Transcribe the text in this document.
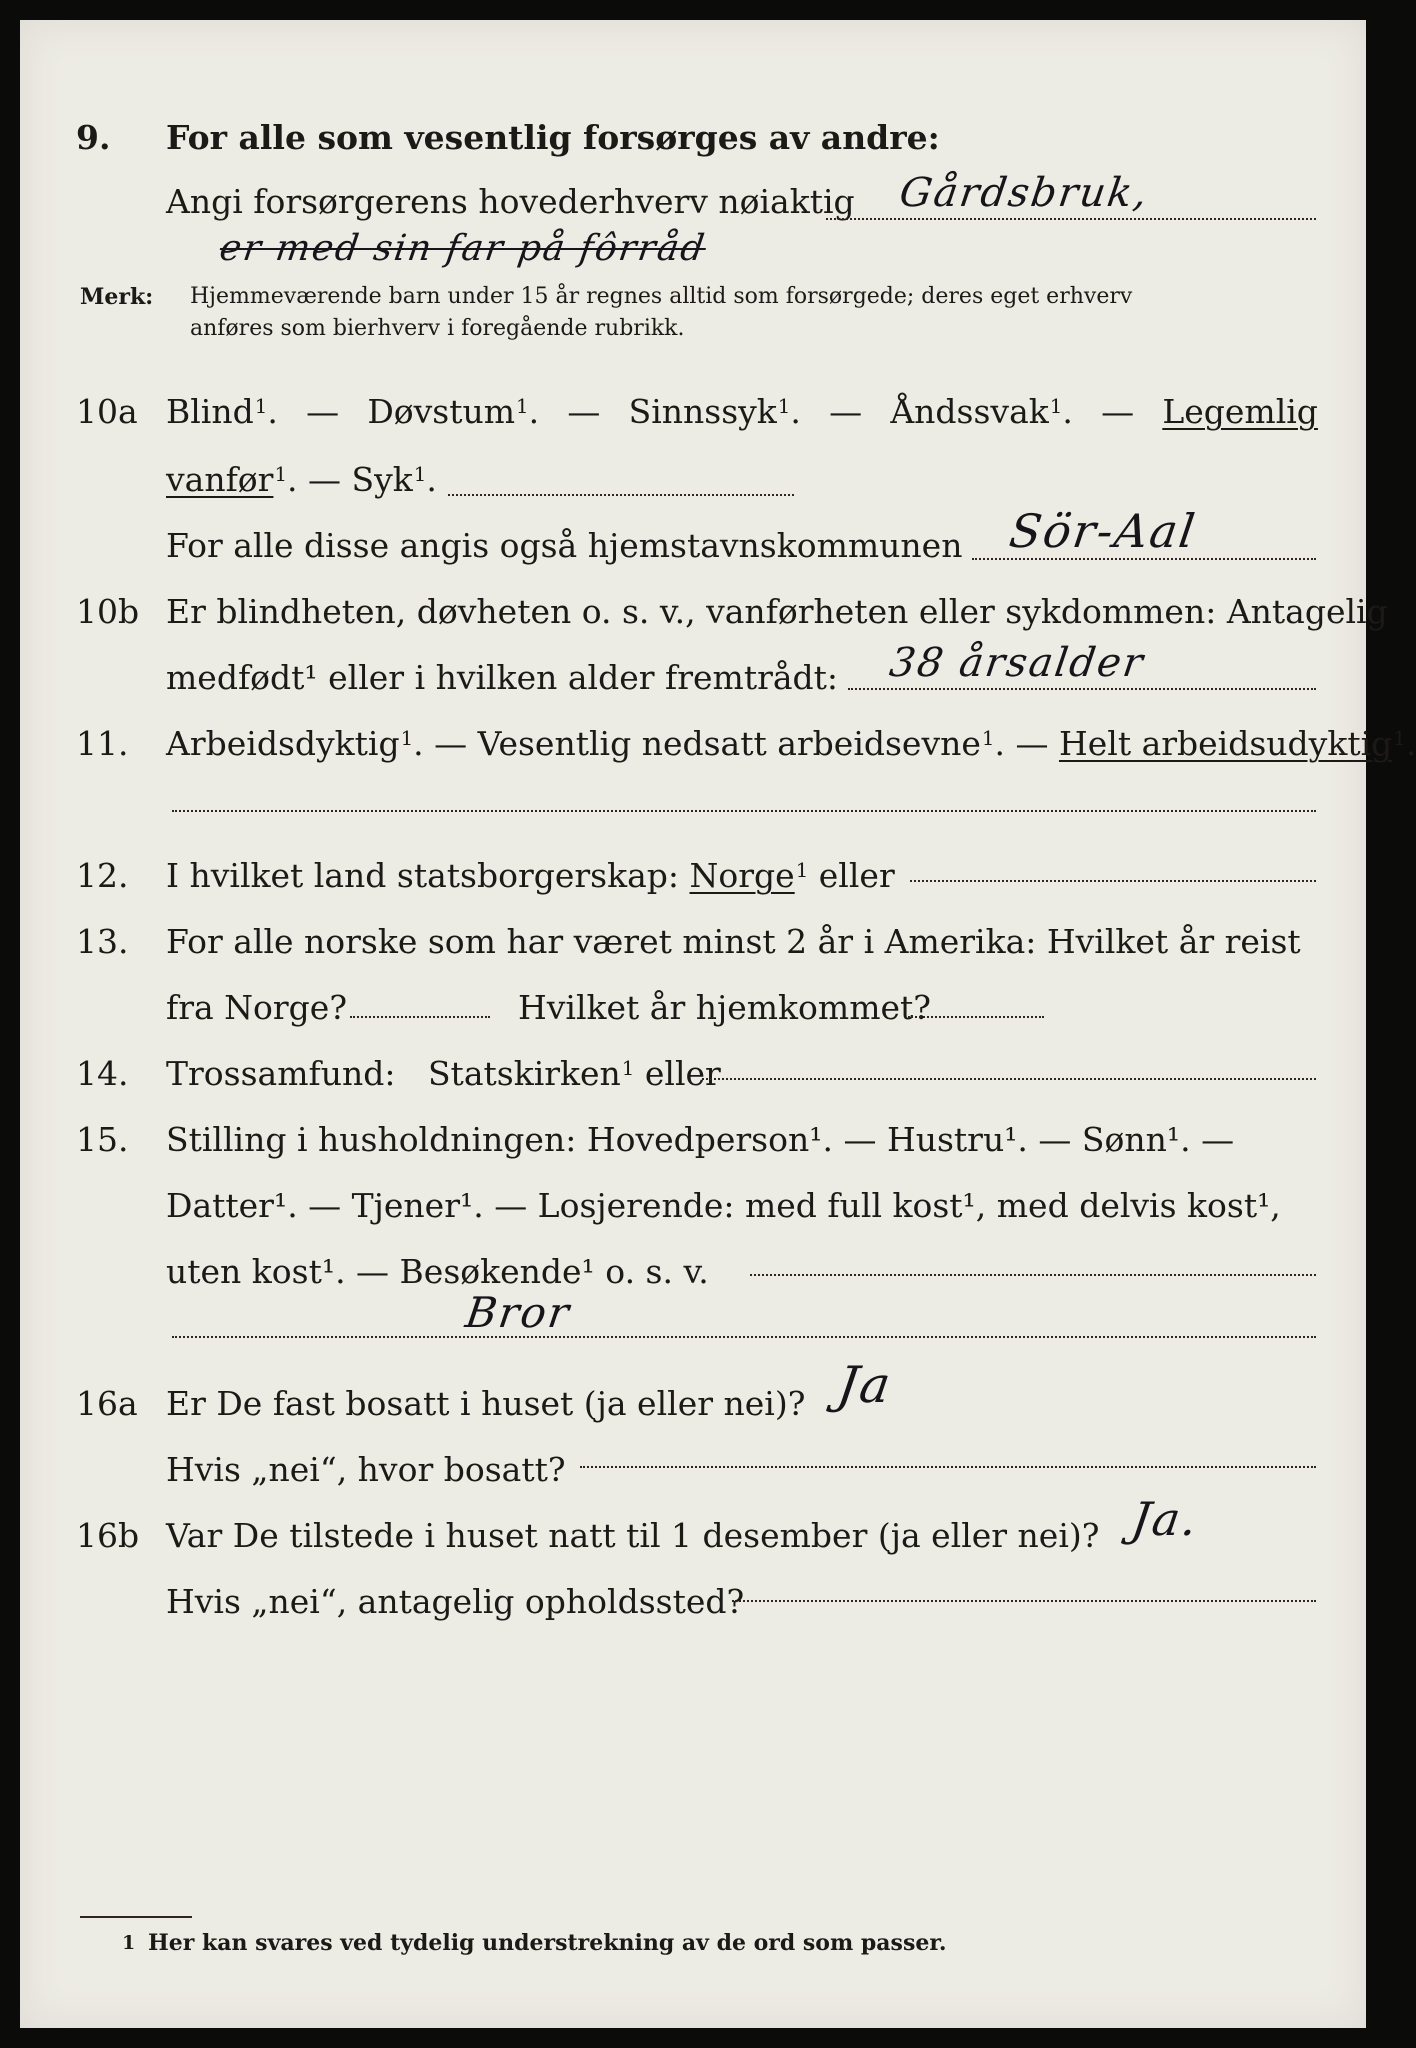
9.	For alle som vesentlig forsørges av andre:
Angi forsørgerens hovederhverv nøiaktig Gårdsbruk,
er med sin far på fôrråd
Merk: Hjemmeværende barn under 15 år regnes alltid som forsørgede; deres eget erhverv
anføres som bierhverv i foregående rubrikk.
10a Blind$^1$. — Døvstum$^1$. — Sinnssyk$^1$. — Åndssvak$^1$. — Legemlig
vanfør$^1$. — Syk$^1$.
For alle disse angis også hjemstavnskommunen Sör-Aal
10b Er blindheten, døvheten o. s. v., vanførheten eller sykdommen: Antagelig
medfødt¹ eller i hvilken alder fremtrådt: 38 årsalder
11.	Arbeidsdyktig$^1$. — Vesentlig nedsatt arbeidsevne$^1$. — Helt arbeidsudyktig$^1$.
12.	I hvilket land statsborgerskap: Norge$^1$ eller
13.	For alle norske som har været minst 2 år i Amerika: Hvilket år reist
fra Norge?	Hvilket år hjemkommet?
14.	Trossamfund: Statskirken$^1$ eller
15.	Stilling i husholdningen: Hovedperson¹. — Hustru¹. — Sønn¹. —
Datter¹. — Tjener¹. — Losjerende: med full kost¹, med delvis kost¹,
uten kost¹. — Besøkende¹ o. s. v.
Bror
16a Er De fast bosatt i huset (ja eller nei)? Ja
Hvis „nei“, hvor bosatt?
16b Var De tilstede i huset natt til 1 desember (ja eller nei)? Ja.
Hvis „nei“, antagelig opholdssted?
1 Her kan svares ved tydelig understrekning av de ord som passer.
